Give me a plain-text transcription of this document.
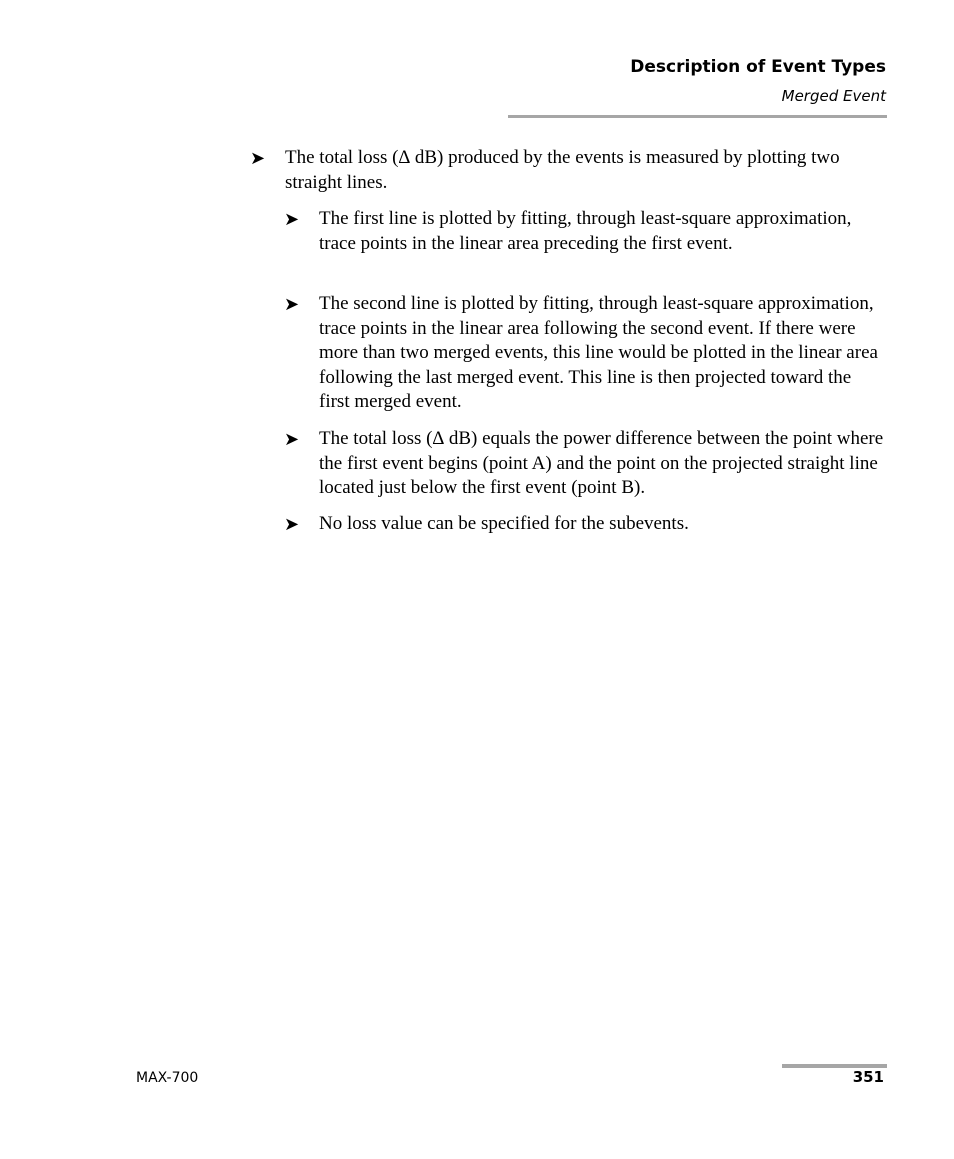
Description of Event Types
Merged Event
➤ The total loss (∆ dB) produced by the events is measured by plotting two straight lines.
➤ The first line is plotted by fitting, through least-square approximation, trace points in the linear area preceding the first event.
➤ The second line is plotted by fitting, through least-square approximation, trace points in the linear area following the second event. If there were more than two merged events, this line would be plotted in the linear area following the last merged event. This line is then projected toward the first merged event.
➤ The total loss (∆ dB) equals the power difference between the point where the first event begins (point A) and the point on the projected straight line located just below the first event (point B).
➤ No loss value can be specified for the subevents.
MAX-700	351
